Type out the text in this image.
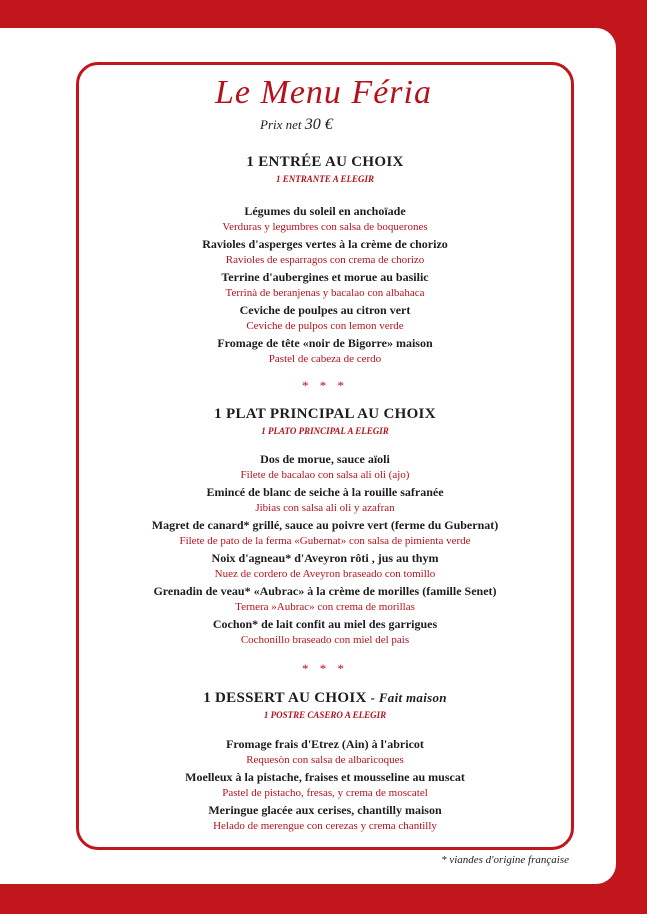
Le Menu Féria
Prix net 30 €
1 ENTRÉE AU CHOIX
1 ENTRANTE A ELEGIR
Légumes du soleil en anchoïade
Verduras y legumbres con salsa de boquerones
Ravioles d'asperges vertes à la crème de chorizo
Ravioles de esparragos con crema de chorizo
Terrine d'aubergines et morue au basilic
Terrinà de beranjenas y bacalao con albahaca
Ceviche de poulpes au citron vert
Ceviche de pulpos con lemon verde
Fromage de tête «noir de Bigorre» maison
Pastel de cabeza de cerdo
* * *
1 PLAT PRINCIPAL AU CHOIX
1 PLATO PRINCIPAL A ELEGIR
Dos de morue, sauce aïoli
Filete de bacalao con salsa ali oli (ajo)
Emincé de blanc de seiche à la rouille safranée
Jibias con salsa ali oli y azafran
Magret de canard* grillé, sauce au poivre vert (ferme du Gubernat)
Filete de pato de la ferma «Gubernat» con salsa de pimienta verde
Noix d'agneau* d'Aveyron rôti , jus au thym
Nuez de cordero de Aveyron braseado con tomillo
Grenadin de veau* «Aubrac» à la crème de morilles (famille Senet)
Ternera »Aubrac» con crema de morillas
Cochon* de lait confit au miel des garrigues
Cochonillo braseado con miel del pais
* * *
1 DESSERT AU CHOIX - Fait maison
1 POSTRE CASERO A ELEGIR
Fromage frais d'Etrez (Ain) à l'abricot
Requesòn con salsa de albaricoques
Moelleux à la pistache, fraises et mousseline au muscat
Pastel de pistacho, fresas, y crema de moscatel
Meringue glacée aux cerises, chantilly maison
Helado de merengue con cerezas y crema chantilly
* viandes d'origine française
